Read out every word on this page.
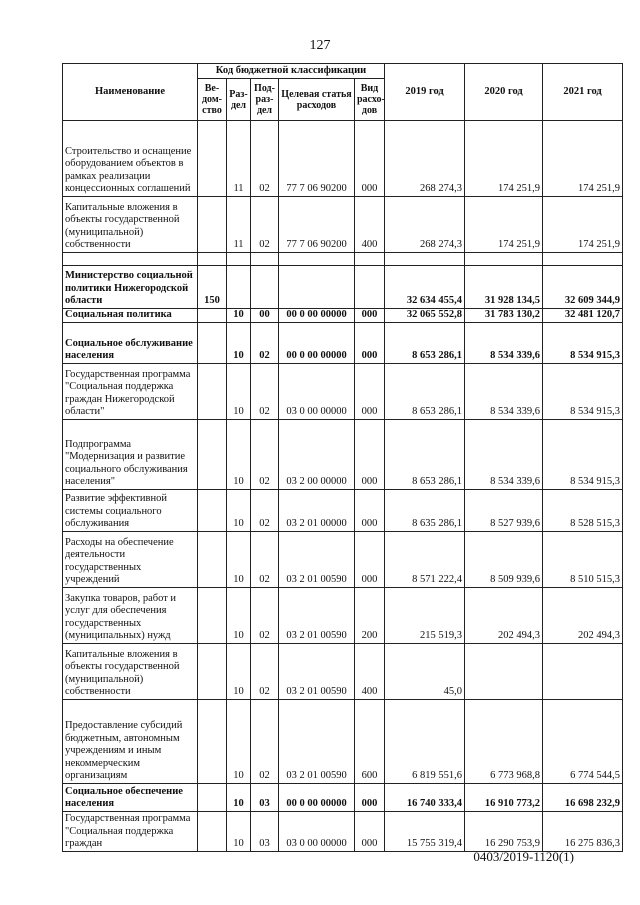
127
Наименование	Код бюджетной классификации					2019 год	2020 год	2021 год
	Ве-дом-ство	Раз-дел	Под-раз-дел	Целевая статья расходов	Вид расхо-дов			
Строительство и оснащение оборудованием объектов в рамках реализации концессионных соглашений		11	02	77 7 06 90200	000	268 274,3	174 251,9	174 251,9
Капитальные вложения в объекты государственной (муниципальной) собственности		11	02	77 7 06 90200	400	268 274,3	174 251,9	174 251,9

Министерство социальной политики Нижегородской области	150					32 634 455,4	31 928 134,5	32 609 344,9
Социальная политика		10	00	00 0 00 00000	000	32 065 552,8	31 783 130,2	32 481 120,7
Социальное обслуживание населения		10	02	00 0 00 00000	000	8 653 286,1	8 534 339,6	8 534 915,3
Государственная программа "Социальная поддержка граждан Нижегородской области"		10	02	03 0 00 00000	000	8 653 286,1	8 534 339,6	8 534 915,3
Подпрограмма "Модернизация и развитие социального обслуживания населения"		10	02	03 2 00 00000	000	8 653 286,1	8 534 339,6	8 534 915,3
Развитие эффективной системы социального обслуживания		10	02	03 2 01 00000	000	8 635 286,1	8 527 939,6	8 528 515,3
Расходы на обеспечение деятельности государственных учреждений		10	02	03 2 01 00590	000	8 571 222,4	8 509 939,6	8 510 515,3
Закупка товаров, работ и услуг для обеспечения государственных (муниципальных) нужд		10	02	03 2 01 00590	200	215 519,3	202 494,3	202 494,3
Капитальные вложения в объекты государственной (муниципальной) собственности		10	02	03 2 01 00590	400	45,0		
Предоставление субсидий бюджетным, автономным учреждениям и иным некоммерческим организациям		10	02	03 2 01 00590	600	6 819 551,6	6 773 968,8	6 774 544,5
Социальное обеспечение населения		10	03	00 0 00 00000	000	16 740 333,4	16 910 773,2	16 698 232,9
Государственная программа "Социальная поддержка граждан		10	03	03 0 00 00000	000	15 755 319,4	16 290 753,9	16 275 836,3
0403/2019-1120(1)
